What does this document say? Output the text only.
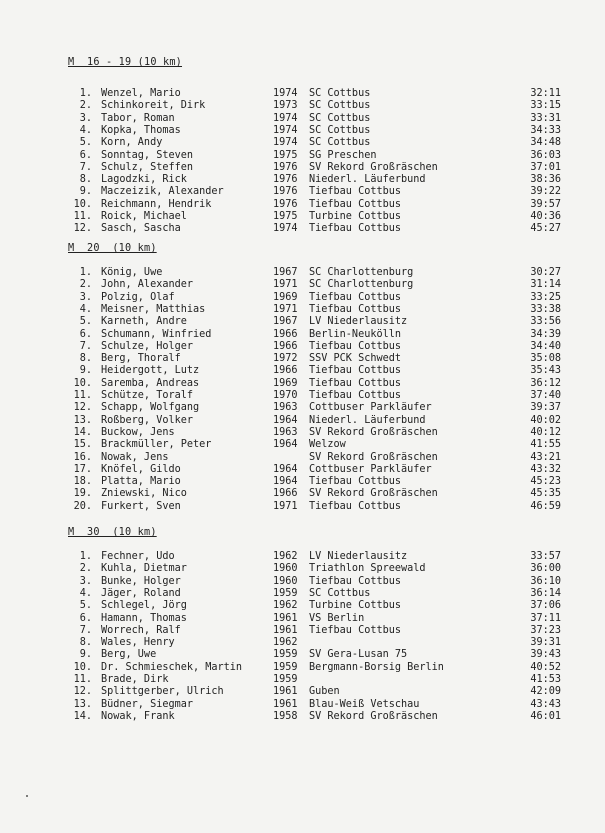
M  16 - 19 (10 km)
1. Wenzel, Mario	1974 SC Cottbus	32:11
2. Schinkoreit, Dirk	1973 SC Cottbus	33:15
3. Tabor, Roman	1974 SC Cottbus	33:31
4. Kopka, Thomas	1974 SC Cottbus	34:33
5. Korn, Andy	1974 SC Cottbus	34:48
6. Sonntag, Steven	1975 SG Preschen	36:03
7. Schulz, Steffen	1976 SV Rekord Großräschen	37:01
8. Lagodzki, Rick	1976 Niederl. Läuferbund	38:36
9. Maczeizik, Alexander	1976 Tiefbau Cottbus	39:22
10. Reichmann, Hendrik	1976 Tiefbau Cottbus	39:57
11. Roick, Michael	1975 Turbine Cottbus	40:36
12. Sasch, Sascha	1974 Tiefbau Cottbus	45:27
M  20  (10 km)
1. König, Uwe	1967 SC Charlottenburg	30:27
2. John, Alexander	1971 SC Charlottenburg	31:14
3. Polzig, Olaf	1969 Tiefbau Cottbus	33:25
4. Meisner, Matthias	1971 Tiefbau Cottbus	33:38
5. Karneth, Andre	1967 LV Niederlausitz	33:56
6. Schumann, Winfried	1966 Berlin-Neukölln	34:39
7. Schulze, Holger	1966 Tiefbau Cottbus	34:40
8. Berg, Thoralf	1972 SSV PCK Schwedt	35:08
9. Heidergott, Lutz	1966 Tiefbau Cottbus	35:43
10. Saremba, Andreas	1969 Tiefbau Cottbus	36:12
11. Schütze, Toralf	1970 Tiefbau Cottbus	37:40
12. Schapp, Wolfgang	1963 Cottbuser Parkläufer	39:37
13. Roßberg, Volker	1964 Niederl. Läuferbund	40:02
14. Buckow, Jens	1963 SV Rekord Großräschen	40:12
15. Brackmüller, Peter	1964 Welzow	41:55
16. Nowak, Jens	SV Rekord Großräschen	43:21
17. Knöfel, Gildo	1964 Cottbuser Parkläufer	43:32
18. Platta, Mario	1964 Tiefbau Cottbus	45:23
19. Zniewski, Nico	1966 SV Rekord Großräschen	45:35
20. Furkert, Sven	1971 Tiefbau Cottbus	46:59
M  30  (10 km)
1. Fechner, Udo	1962 LV Niederlausitz	33:57
2. Kuhla, Dietmar	1960 Triathlon Spreewald	36:00
3. Bunke, Holger	1960 Tiefbau Cottbus	36:10
4. Jäger, Roland	1959 SC Cottbus	36:14
5. Schlegel, Jörg	1962 Turbine Cottbus	37:06
6. Hamann, Thomas	1961 VS Berlin	37:11
7. Worrech, Ralf	1961 Tiefbau Cottbus	37:23
8. Wales, Henry	1962	39:31
9. Berg, Uwe	1959 SV Gera-Lusan 75	39:43
10. Dr. Schmieschek, Martin	1959 Bergmann-Borsig Berlin	40:52
11. Brade, Dirk	1959	41:53
12. Splittgerber, Ulrich	1961 Guben	42:09
13. Büdner, Siegmar	1961 Blau-Weiß Vetschau	43:43
14. Nowak, Frank	1958 SV Rekord Großräschen	46:01
